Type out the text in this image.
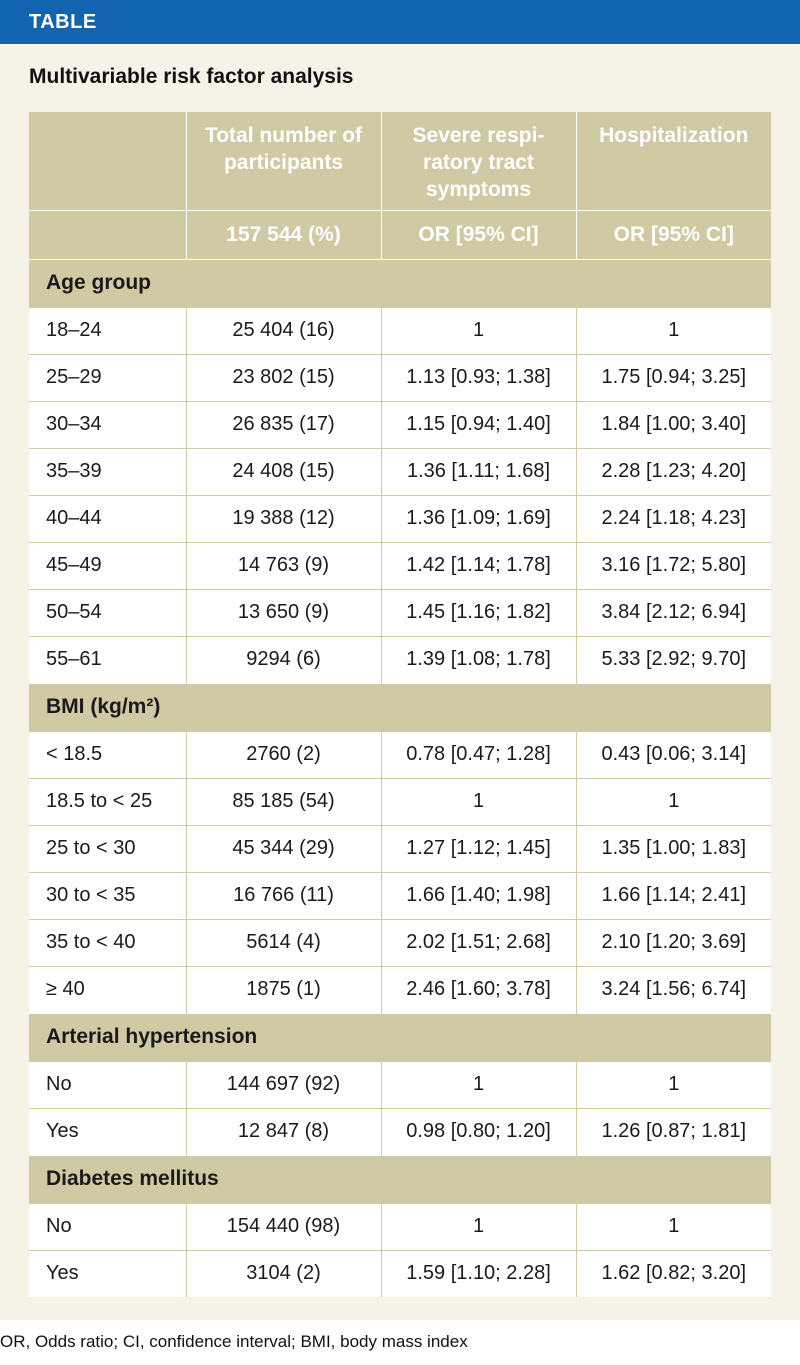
TABLE
Multivariable risk factor analysis
	Total number of participants	Severe respi-ratory tract symptoms	Hospitalization
	157 544 (%)	OR [95% CI]	OR [95% CI]
Age group			
18–24	25 404 (16)	1	1
25–29	23 802 (15)	1.13 [0.93; 1.38]	1.75 [0.94; 3.25]
30–34	26 835 (17)	1.15 [0.94; 1.40]	1.84 [1.00; 3.40]
35–39	24 408 (15)	1.36 [1.11; 1.68]	2.28 [1.23; 4.20]
40–44	19 388 (12)	1.36 [1.09; 1.69]	2.24 [1.18; 4.23]
45–49	14 763 (9)	1.42 [1.14; 1.78]	3.16 [1.72; 5.80]
50–54	13 650 (9)	1.45 [1.16; 1.82]	3.84 [2.12; 6.94]
55–61	9294 (6)	1.39 [1.08; 1.78]	5.33 [2.92; 9.70]
BMI (kg/m²)			
< 18.5	2760 (2)	0.78 [0.47; 1.28]	0.43 [0.06; 3.14]
18.5 to < 25	85 185 (54)	1	1
25 to < 30	45 344 (29)	1.27 [1.12; 1.45]	1.35 [1.00; 1.83]
30 to < 35	16 766 (11)	1.66 [1.40; 1.98]	1.66 [1.14; 2.41]
35 to < 40	5614 (4)	2.02 [1.51; 2.68]	2.10 [1.20; 3.69]
≥ 40	1875 (1)	2.46 [1.60; 3.78]	3.24 [1.56; 6.74]
Arterial hypertension			
No	144 697 (92)	1	1
Yes	12 847 (8)	0.98 [0.80; 1.20]	1.26 [0.87; 1.81]
Diabetes mellitus			
No	154 440 (98)	1	1
Yes	3104 (2)	1.59 [1.10; 2.28]	1.62 [0.82; 3.20]
OR, Odds ratio; CI, confidence interval; BMI, body mass index
